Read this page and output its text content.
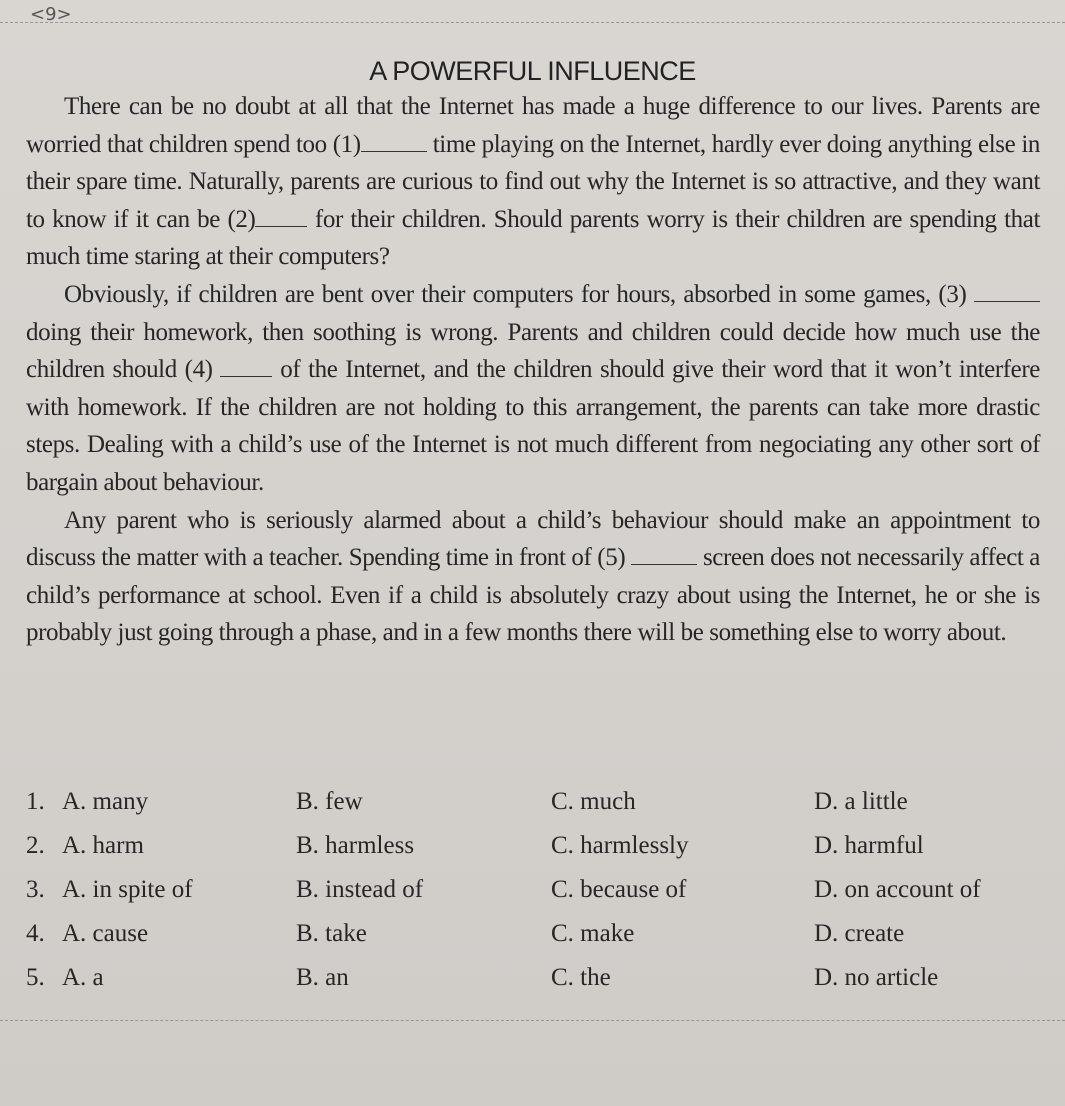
<9>
A POWERFUL INFLUENCE

There can be no doubt at all that the Internet has made a huge difference to our lives. Parents are worried that children spend too (1)	time playing on the Internet, hardly ever doing anything else in their spare time. Naturally, parents are curious to find out why the Internet is so attractive, and they want to know if it can be (2) for their children. Should parents worry is their children are spending that much time staring at their computers?

Obviously, if children are bent over their computers for hours, absorbed in some games, (3)  doing their homework, then soothing is wrong. Parents and children could decide how much use the children should (4)  of the Internet, and the children should give their word that it won’t interfere with homework. If the children are not holding to this arrangement, the parents can take more drastic steps. Dealing with a child’s use of the Internet is not much different from negociating any other sort of bargain about behaviour.

Any parent who is seriously alarmed about a child’s behaviour should make an appointment to discuss the matter with a teacher. Spending time in front of (5)	screen does not necessarily affect a child’s performance at school. Even if a child is absolutely crazy about using the Internet, he or she is probably just going through a phase, and in a few months there will be something else to worry about.

1. A. many	B. few	C. much	D. a little
2. A. harm	B. harmless	C. harmlessly	D. harmful
3. A. in spite of	B. instead of	C. because of	D. on account of
4. A. cause	B. take	C. make	D. create
5. A. a	B. an	C. the	D. no article
